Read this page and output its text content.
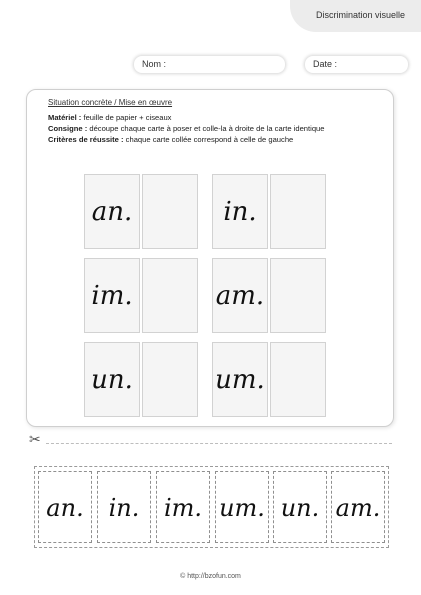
Discrimination visuelle
Nom :	Date :
Situation concrète / Mise en œuvre
Matériel : feuille de papier + ciseaux
Consigne : découpe chaque carte à poser et colle-la à droite de la carte identique
Critères de réussite : chaque carte collée correspond à celle de gauche
an.	in.
im.	am.
un.	um.
✂
an.	in.	im. um. un. am.
© http://bzofun.com
